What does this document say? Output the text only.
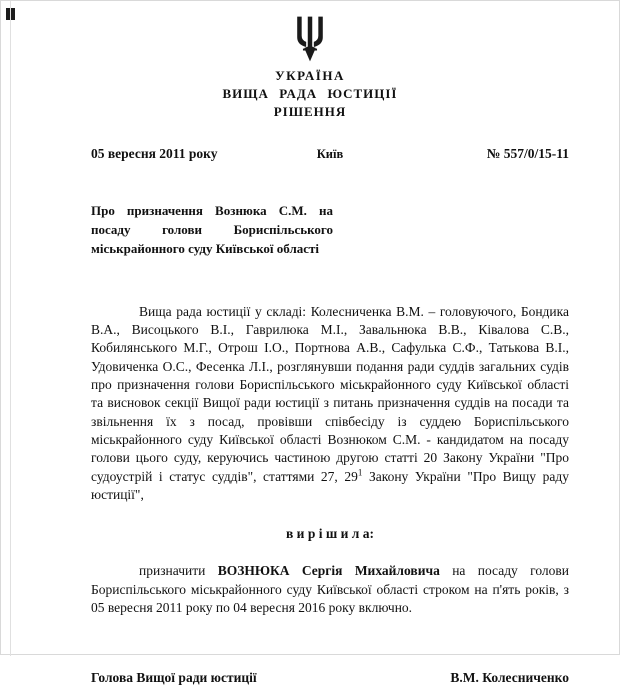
УКРАЇНА
ВИЩА РАДА ЮСТИЦІЇ
РІШЕННЯ
05 вересня 2011 року	Київ	№ 557/0/15-11
Про призначення Вознюка С.М. на посаду голови Бориспільського міськрайонного суду Київської області

Вища рада юстиції у складі: Колесниченка В.М. – головуючого, Бондика В.А., Висоцького В.І., Гаврилюка М.І., Завальнюка В.В., Ківалова С.В., Кобилянського М.Г., Отрош І.О., Портнова А.В., Сафулька С.Ф., Татькова В.І., Удовиченка О.С., Фесенка Л.І., розглянувши подання ради суддів загальних судів про призначення голови Бориспільського міськрайонного суду Київської області та висновок секції Вищої ради юстиції з питань призначення суддів на посади та звільнення їх з посад, провівши співбесіду із суддею Бориспільського міськрайонного суду Київської області Вознюком С.М. - кандидатом на посаду голови цього суду, керуючись частиною другою статті 20 Закону України "Про судоустрій і статус суддів", статтями 27, $29^1$ Закону України "Про Вищу раду юстиції",

в и р і ш и л а:

призначити ВОЗНЮКА Сергія Михайловича на посаду голови Бориспільського міськрайонного суду Київської області строком на п'ять років, з 05 вересня 2011 року по 04 вересня 2016 року включно.

Голова Вищої ради юстиції	В.М. Колесниченко
